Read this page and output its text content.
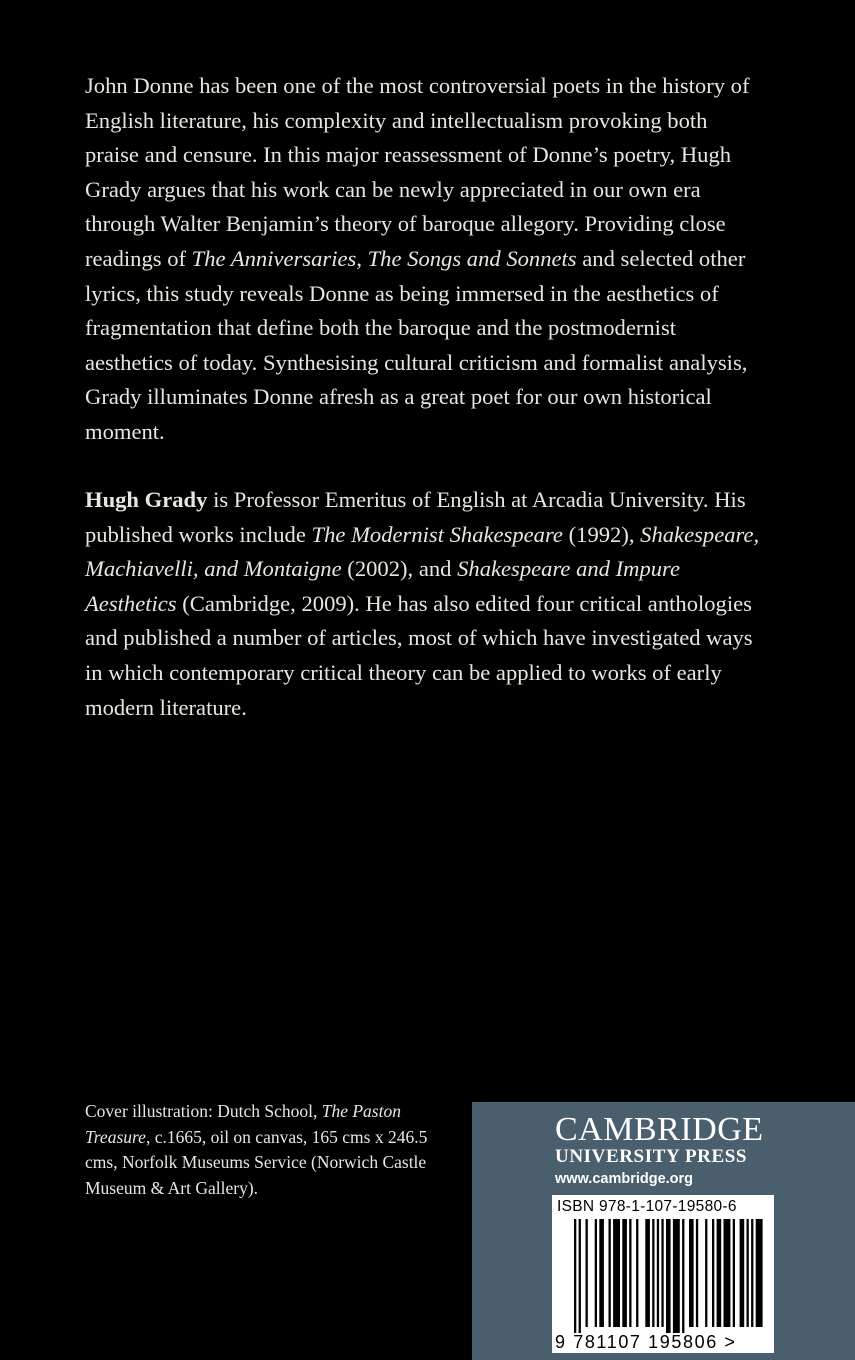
John Donne has been one of the most controversial poets in the history of English literature, his complexity and intellectualism provoking both praise and censure. In this major reassessment of Donne’s poetry, Hugh Grady argues that his work can be newly appreciated in our own era through Walter Benjamin’s theory of baroque allegory. Providing close readings of The Anniversaries, The Songs and Sonnets and selected other lyrics, this study reveals Donne as being immersed in the aesthetics of fragmentation that define both the baroque and the postmodernist aesthetics of today. Synthesising cultural criticism and formalist analysis, Grady illuminates Donne afresh as a great poet for our own historical moment.

Hugh Grady is Professor Emeritus of English at Arcadia University. His published works include The Modernist Shakespeare (1992), Shakespeare, Machiavelli, and Montaigne (2002), and Shakespeare and Impure Aesthetics (Cambridge, 2009). He has also edited four critical anthologies and published a number of articles, most of which have investigated ways in which contemporary critical theory can be applied to works of early modern literature.

Cover illustration: Dutch School, The Paston Treasure, c.1665, oil on canvas, 165 cms x 246.5 cms, Norfolk Museums Service (Norwich Castle Museum & Art Gallery).

CAMBRIDGE
UNIVERSITY PRESS
www.cambridge.org
ISBN 978-1-107-19580-6
9 781107 195806 >
